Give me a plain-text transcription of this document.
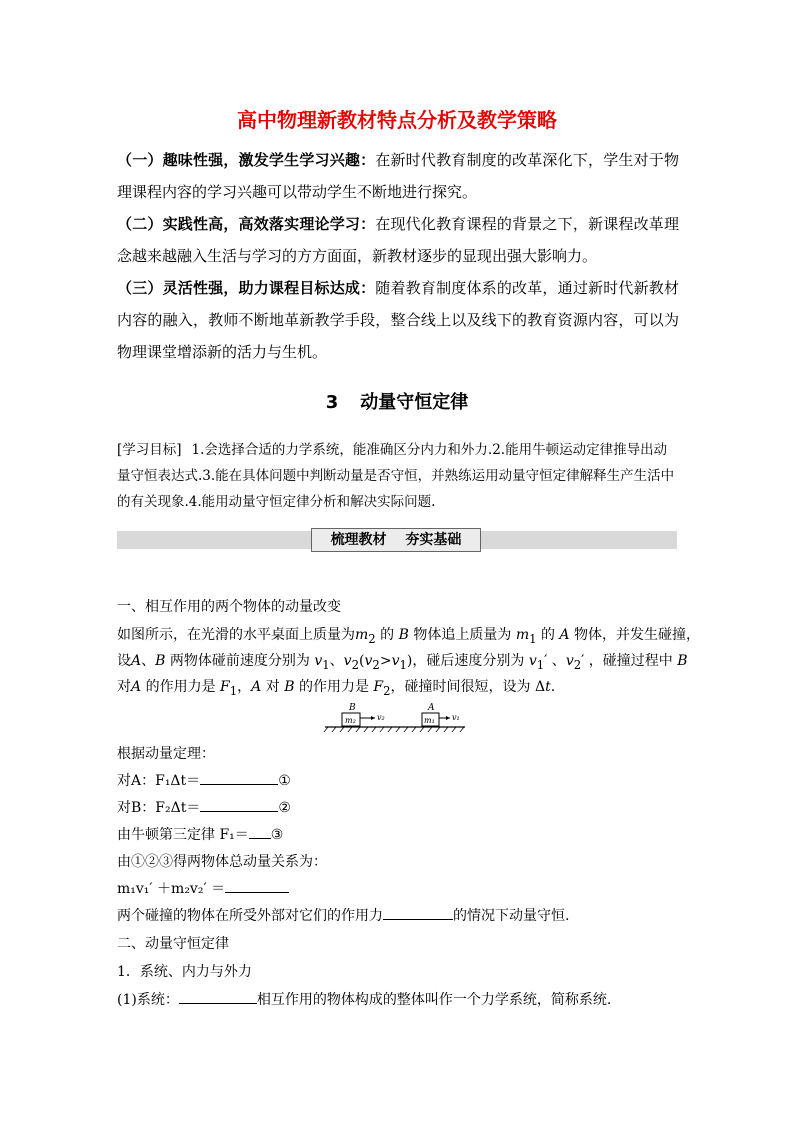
高中物理新教材特点分析及教学策略
（一）趣味性强，激发学生学习兴趣：在新时代教育制度的改革深化下，学生对于物理课程内容的学习兴趣可以带动学生不断地进行探究。
（二）实践性高，高效落实理论学习：在现代化教育课程的背景之下，新课程改革理念越来越融入生活与学习的方方面面，新教材逐步的显现出强大影响力。
（三）灵活性强，助力课程目标达成：随着教育制度体系的改革，通过新时代新教材内容的融入，教师不断地革新教学手段，整合线上以及线下的教育资源内容，可以为物理课堂增添新的活力与生机。
3 动量守恒定律
[学习目标] 1.会选择合适的力学系统，能准确区分内力和外力.2.能用牛顿运动定律推导出动量守恒表达式.3.能在具体问题中判断动量是否守恒，并熟练运用动量守恒定律解释生产生活中的有关现象.4.能用动量守恒定律分析和解决实际问题.
梳理教材 夯实基础
一、相互作用的两个物体的动量改变
如图所示，在光滑的水平桌面上质量为$m_2$ 的 B 物体追上质量为 $m_1$ 的 A 物体，并发生碰撞，
设A、B 两物体碰前速度分别为 $v_1$、$v_2(v_2>v_1)$，碰后速度分别为 $v_1'$ 、$v_2'$ ，碰撞过程中 B
对A 的作用力是 $F_1$，A 对 B 的作用力是 $F_2$，碰撞时间很短，设为 Δt.
B
m₂	v₂
A
m₁ v₁
根据动量定理：
对A：F₁Δt＝	①
对B：F₂Δt＝	②
由牛顿第三定律 F₁＝ ③
由①②③得两物体总动量关系为：
m₁v₁′ ＋m₂v₂′ ＝
两个碰撞的物体在所受外部对它们的作用力	的情况下动量守恒.
二、动量守恒定律
1．系统、内力与外力
(1)系统：	相互作用的物体构成的整体叫作一个力学系统，简称系统.
